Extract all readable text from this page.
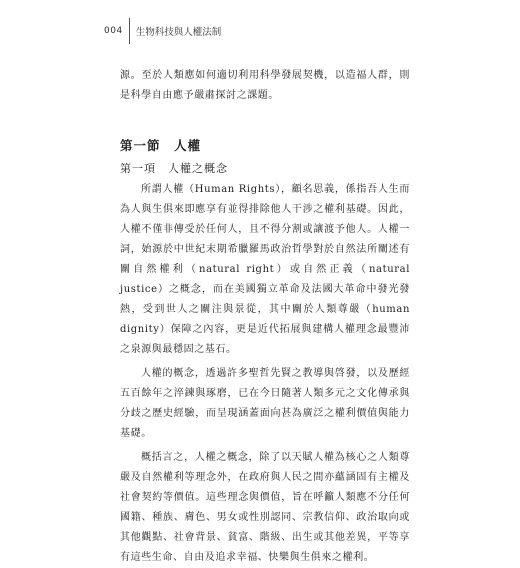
004 生物科技與人權法制

源。至於人類應如何適切利用科學發展契機，以造福人群，則是科學自由應予嚴肅探討之課題。

第一節　人權
第一項　人權之概念

所謂人權（Human Rights），顧名思義，係指吾人生而為人與生俱來即應享有並得排除他人干涉之權利基礎。因此，人權不僅非傳受於任何人，且不得分割或讓渡予他人。人權一詞，始源於中世紀末期希臘羅馬政治哲學對於自然法所闡述有關自然權利（natural right）或自然正義（natural justice）之概念，而在美國獨立革命及法國大革命中發光發熱，受到世人之關注與景從，其中關於人類尊嚴（human dignity）保障之內容，更是近代拓展與建構人權理念最豐沛之泉源與最穩固之基石。

人權的概念，透過許多聖哲先賢之教導與啓發，以及歷經五百餘年之淬鍊與琢磨，已在今日隨著人類多元之文化傳承與分歧之歷史經驗，而呈現涵蓋面向甚為廣泛之權利價值與能力基礎。

概括言之，人權之概念，除了以天賦人權為核心之人類尊嚴及自然權利等理念外，在政府與人民之間亦蘊涵固有主權及社會契約等價值。這些理念與價值，旨在呼籲人類應不分任何國籍、種族、膚色、男女或性別認同、宗教信仰、政治取向或其他觀點、社會背景、貧富、階級、出生或其他差異，平等享有這些生命、自由及追求幸福、快樂與生俱來之權利。
